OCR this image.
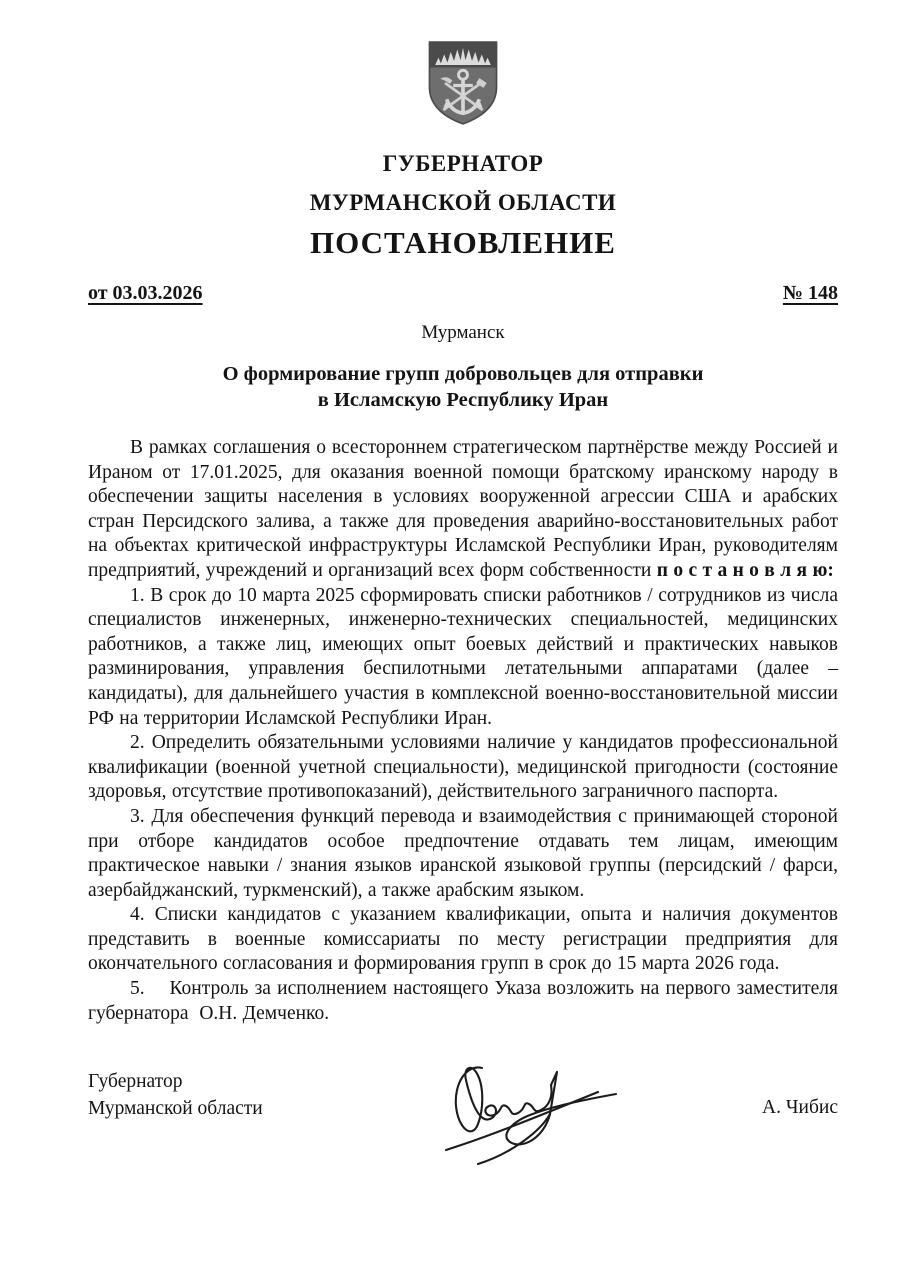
ГУБЕРНАТОР
МУРМАНСКОЙ ОБЛАСТИ
ПОСТАНОВЛЕНИЕ
от 03.03.2026	№ 148
Мурманск
О формирование групп добровольцев для отправки
в Исламскую Республику Иран

В рамках соглашения о всестороннем стратегическом партнёрстве между Россией и Ираном от 17.01.2025, для оказания военной помощи братскому иранскому народу в обеспечении защиты населения в условиях вооруженной агрессии США и арабских стран Персидского залива, а также для проведения аварийно-восстановительных работ на объектах критической инфраструктуры Исламской Республики Иран, руководителям предприятий, учреждений и организаций всех форм собственности п о с т а н о в л я ю:

1. В срок до 10 марта 2025 сформировать списки работников / сотрудников из числа специалистов инженерных, инженерно-технических специальностей, медицинских работников, а также лиц, имеющих опыт боевых действий и практических навыков разминирования, управления беспилотными летательными аппаратами (далее – кандидаты), для дальнейшего участия в комплексной военно-восстановительной миссии РФ на территории Исламской Республики Иран.

2. Определить обязательными условиями наличие у кандидатов профессиональной квалификации (военной учетной специальности), медицинской пригодности (состояние здоровья, отсутствие противопоказаний), действительного заграничного паспорта.

3. Для обеспечения функций перевода и взаимодействия с принимающей стороной при отборе кандидатов особое предпочтение отдавать тем лицам, имеющим практическое навыки / знания языков иранской языковой группы (персидский / фарси, азербайджанский, туркменский), а также арабским языком.

4. Списки кандидатов с указанием квалификации, опыта и наличия документов представить в военные комиссариаты по месту регистрации предприятия для окончательного согласования и формирования групп в срок до 15 марта 2026 года.

5.    Контроль за исполнением настоящего Указа возложить на первого заместителя губернатора  О.Н. Демченко.

Губернатор
Мурманской области	А. Чибис
